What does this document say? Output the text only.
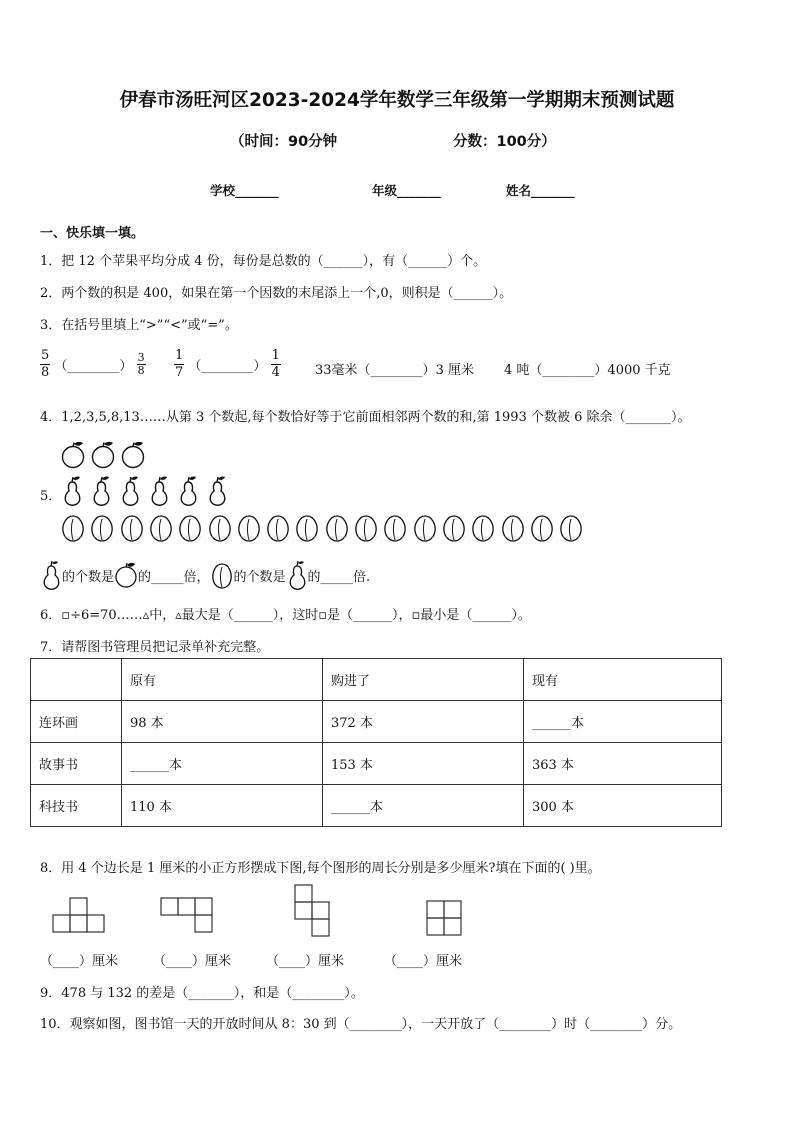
伊春市汤旺河区2023-2024学年数学三年级第一学期期末预测试题
（时间：90分钟	分数：100分）
学校_______	年级_______	姓名_______
一、快乐填一填。
1．把 12 个苹果平均分成 4 份，每份是总数的（______），有（______）个。
2．两个数的积是 400，如果在第一个因数的末尾添上一个,0，则积是（______）。
3．在括号里填上“>”“<”或“=”。
$\frac{5}{8}$ （________） $\frac{3}{8} \frac{1}{7}$ （________） $\frac{1}{4}$	33毫米（________）3 厘米 4 吨（________）4000 千克
4．1,2,3,5,8,13……从第 3 个数起,每个数恰好等于它前面相邻两个数的和,第 1993 个数被 6 除余（_______）。
5．
的个数是 的_____倍， 的个数是 的_____倍.
6．▫÷6=70……▵中，▵最大是（______），这时▫是（______），▫最小是（______）。
7．请帮图书管理员把记录单补充完整。
	原有	购进了	现有
连环画	98 本	372 本	______本
故事书	______本	153 本	363 本
科技书	110 本	______本	300 本
8．用 4 个边长是 1 厘米的小正方形摆成下图,每个图形的周长分别是多少厘米?填在下面的( )里。
（____）厘米	（____）厘米	（____）厘米	（____）厘米
9．478 与 132 的差是（_______），和是（________）。
10．观察如图，图书馆一天的开放时间从 8：30 到（________），一天开放了（________）时（________）分。
